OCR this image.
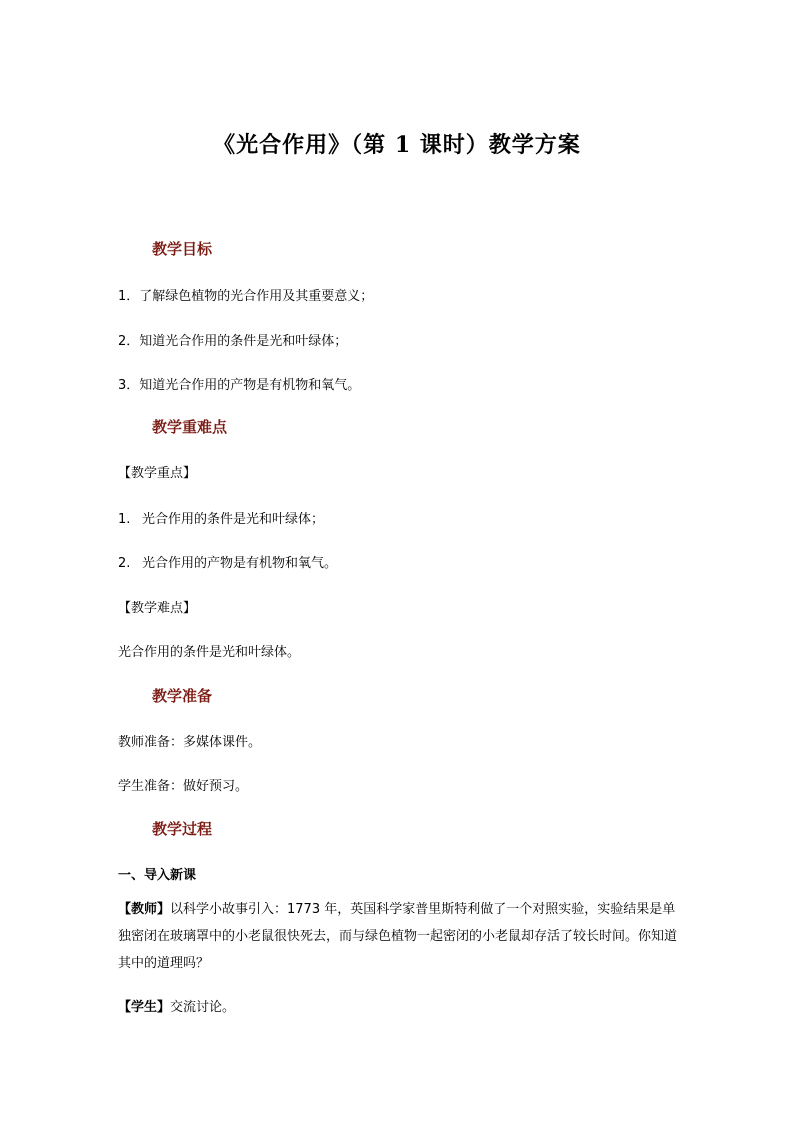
《光合作用》（第 1 课时）教学方案
教学目标
1．了解绿色植物的光合作用及其重要意义；
2．知道光合作用的条件是光和叶绿体；
3．知道光合作用的产物是有机物和氧气。
教学重难点
【教学重点】
1. 光合作用的条件是光和叶绿体；
2. 光合作用的产物是有机物和氧气。
【教学难点】
光合作用的条件是光和叶绿体。
教学准备
教师准备：多媒体课件。
学生准备：做好预习。
教学过程
一、导入新课
【教师】以科学小故事引入：1773 年，英国科学家普里斯特利做了一个对照实验，实验结果是单独密闭在玻璃罩中的小老鼠很快死去，而与绿色植物一起密闭的小老鼠却存活了较长时间。你知道其中的道理吗？
【学生】交流讨论。
